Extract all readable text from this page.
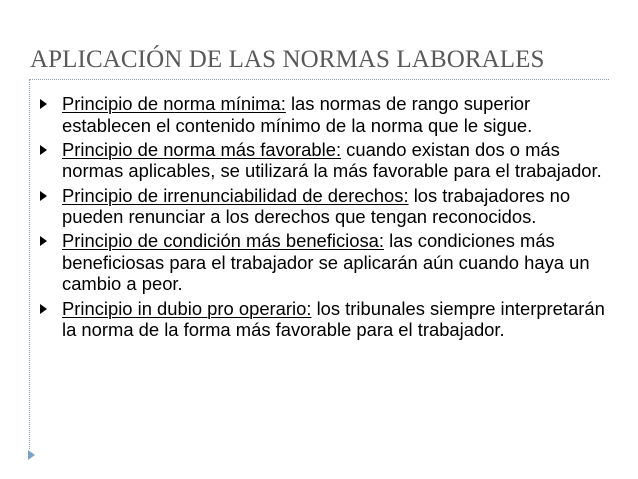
APLICACIÓN DE LAS NORMAS LABORALES
Principio de norma mínima: las normas de rango superior establecen el contenido mínimo de la norma que le sigue.
Principio de norma más favorable: cuando existan dos o más normas aplicables, se utilizará la más favorable para el trabajador.
Principio de irrenunciabilidad de derechos: los trabajadores no pueden renunciar a los derechos que tengan reconocidos.
Principio de condición más beneficiosa: las condiciones más beneficiosas para el trabajador se aplicarán aún cuando haya un cambio a peor.
Principio in dubio pro operario: los tribunales siempre interpretarán la norma de la forma más favorable para el trabajador.
